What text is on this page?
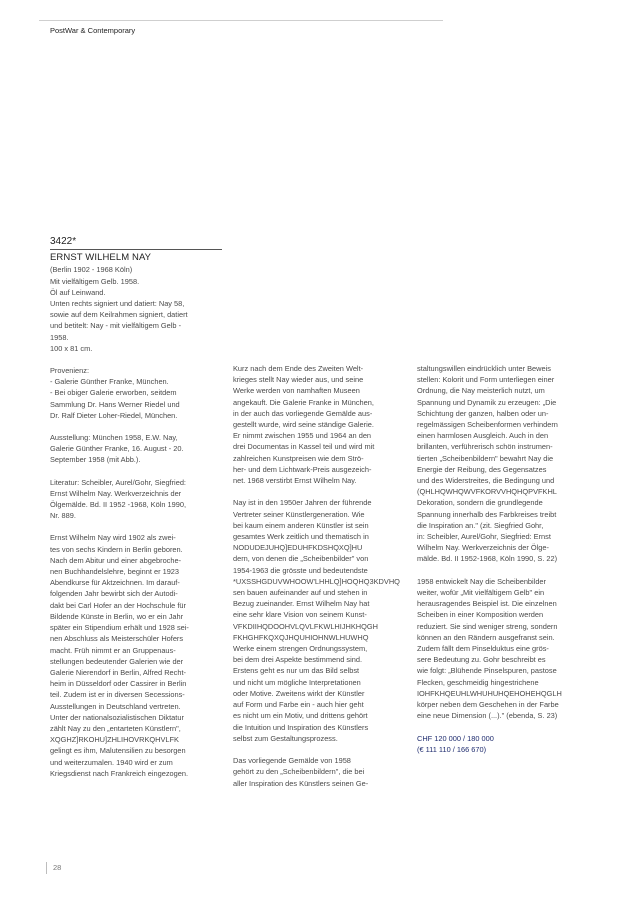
PostWar & Contemporary
3422*
ERNST WILHELM NAY

(Berlin 1902 - 1968 Köln)
Mit vielfältigem Gelb. 1958.
Öl auf Leinwand.
Unten rechts signiert und datiert: Nay 58,
sowie auf dem Keilrahmen signiert, datiert
und betitelt: Nay - mit vielfältigem Gelb -
1958.
100 x 81 cm.

Provenienz:
- Galerie Günther Franke, München.
- Bei obiger Galerie erworben, seitdem
Sammlung Dr. Hans Werner Riedel und
Dr. Ralf Dieter Loher-Riedel, München.

Ausstellung: München 1958, E.W. Nay,
Galerie Günther Franke, 16. August - 20.
September 1958 (mit Abb.).

Literatur: Scheibler, Aurel/Gohr, Siegfried:
Ernst Wilhelm Nay. Werkverzeichnis der
Ölgemälde. Bd. II 1952 -1968, Köln 1990,
Nr. 889.

Ernst Wilhelm Nay wird 1902 als zwei-
tes von sechs Kindern in Berlin geboren.
Nach dem Abitur und einer abgebroche-
nen Buchhandelslehre, beginnt er 1923
Abendkurse für Aktzeichnen. Im darauf-
folgenden Jahr bewirbt sich der Autodi-
dakt bei Carl Hofer an der Hochschule für
Bildende Künste in Berlin, wo er ein Jahr
später ein Stipendium erhält und 1928 sei-
nen Abschluss als Meisterschüler Hofers
macht. Früh nimmt er an Gruppenaus-
stellungen bedeutender Galerien wie der
Galerie Nierendorf in Berlin, Alfred Recht-
heim in Düsseldorf oder Cassirer in Berlin
teil. Zudem ist er in diversen Secessions-
Ausstellungen in Deutschland vertreten.
Unter der nationalsozialistischen Diktatur
zählt Nay zu den „entarteten Künstlern",
XQGHZ]RKOHU]ZHLIHOVRKQHVLFK
gelingt es ihm, Malutensilien zu besorgen
und weiterzumalen. 1940 wird er zum
Kriegsdienst nach Frankreich eingezogen.

Kurz nach dem Ende des Zweiten Welt-
krieges stellt Nay wieder aus, und seine
Werke werden von namhaften Museen
angekauft. Die Galerie Franke in München,
in der auch das vorliegende Gemälde aus-
gestellt wurde, wird seine ständige Galerie.
Er nimmt zwischen 1955 und 1964 an den
drei Documentas in Kassel teil und wird mit
zahlreichen Kunstpreisen wie dem Strö-
her- und dem Lichtwark-Preis ausgezeich-
net. 1968 verstirbt Ernst Wilhelm Nay.

Nay ist in den 1950er Jahren der führende
Vertreter seiner Künstlergeneration. Wie
bei kaum einem anderen Künstler ist sein
gesamtes Werk zeitlich und thematisch in
NODUDEJUHQ]EDUHFKDSHQXQ]HU
dern, von denen die „Scheibenbilder" von
1954-1963 die grösste und bedeutendste
*UXSSHGDUVWHOOW'LHHLQ]HOQHQ3KDVHQ
sen bauen aufeinander auf und stehen in
Bezug zueinander. Ernst Wilhelm Nay hat
eine sehr klare Vision von seinem Kunst-
VFKDIIHQDOOHVLQVLFKWLHIJHKHQGH
FKHGHFKQXQJHQUHIOHNWLHUWHQ
Werke einem strengen Ordnungssystem,
bei dem drei Aspekte bestimmend sind.
Erstens geht es nur um das Bild selbst
und nicht um mögliche Interpretationen
oder Motive. Zweitens wirkt der Künstler
auf Form und Farbe ein - auch hier geht
es nicht um ein Motiv, und drittens gehört
die Intuition und Inspiration des Künstlers
selbst zum Gestaltungsprozess.

Das vorliegende Gemälde von 1958
gehört zu den „Scheibenbildern", die bei
aller Inspiration des Künstlers seinen Ge-

staltungswillen eindrücklich unter Beweis
stellen: Kolorit und Form unterliegen einer
Ordnung, die Nay meisterlich nutzt, um
Spannung und Dynamik zu erzeugen: „Die
Schichtung der ganzen, halben oder un-
regelmässigen Scheibenformen verhindern
einen harmlosen Ausgleich. Auch in den
brillanten, verführerisch schön instrumen-
tierten „Scheibenbildern" bewahrt Nay die
Energie der Reibung, des Gegensatzes
und des Widerstreites, die Bedingung und
(QHLHQWHQWVFKORVVHQHQPVFKHL
Dekoration, sondern die grundlegende
Spannung innerhalb des Farbkreises treibt
die Inspiration an." (zit. Siegfried Gohr,
in: Scheibler, Aurel/Gohr, Siegfried: Ernst
Wilhelm Nay. Werkverzeichnis der Ölge-
mälde. Bd. II 1952-1968, Köln 1990, S. 22)

1958 entwickelt Nay die Scheibenbilder
weiter, wofür „Mit vielfältigem Gelb" ein
herausragendes Beispiel ist. Die einzelnen
Scheiben in einer Komposition werden
reduziert. Sie sind weniger streng, sondern
können an den Rändern ausgefranst sein.
Zudem fällt dem Pinselduktus eine grös-
sere Bedeutung zu. Gohr beschreibt es
wie folgt: „Blühende Pinselspuren, pastose
Flecken, geschmeidig hingestrichene
IOHFKHQEUHLWHUHUHQEHOHEHQGLH
körper neben dem Geschehen in der Farbe
eine neue Dimension (...)." (ebenda, S. 23)

CHF 120 000 / 180 000
(€ 111 110 / 166 670)

28
